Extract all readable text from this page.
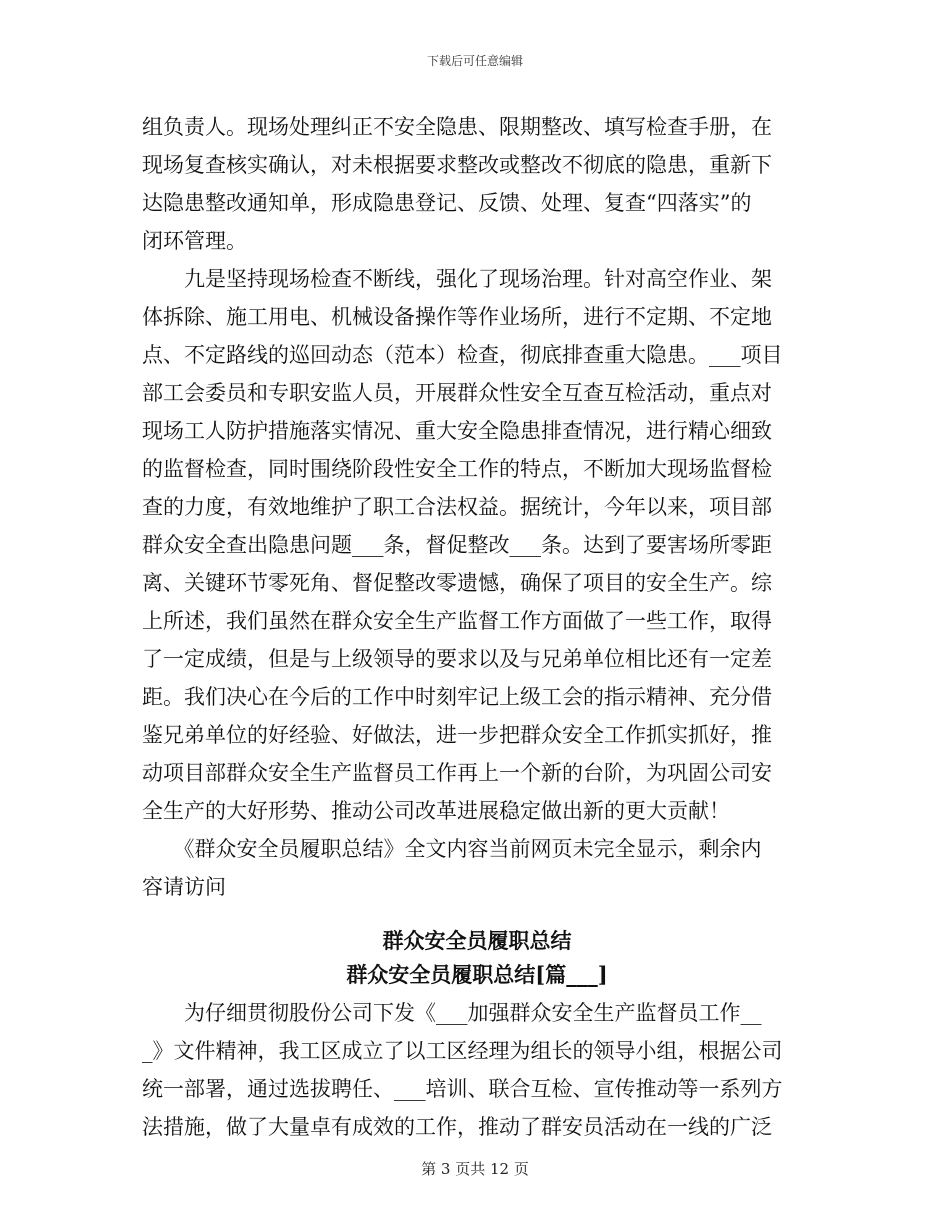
下载后可任意编辑

组负责人。现场处理纠正不安全隐患、限期整改、填写检查手册，在
现场复查核实确认，对未根据要求整改或整改不彻底的隐患，重新下
达隐患整改通知单，形成隐患登记、反馈、处理、复查“四落实”的
闭环管理。

　　九是坚持现场检查不断线，强化了现场治理。针对高空作业、架
体拆除、施工用电、机械设备操作等作业场所，进行不定期、不定地
点、不定路线的巡回动态（范本）检查，彻底排查重大隐患。___项目
部工会委员和专职安监人员，开展群众性安全互查互检活动，重点对
现场工人防护措施落实情况、重大安全隐患排查情况，进行精心细致
的监督检查，同时围绕阶段性安全工作的特点，不断加大现场监督检
查的力度，有效地维护了职工合法权益。据统计，今年以来，项目部
群众安全查出隐患问题___条，督促整改___条。达到了要害场所零距
离、关键环节零死角、督促整改零遗憾，确保了项目的安全生产。综
上所述，我们虽然在群众安全生产监督工作方面做了一些工作，取得
了一定成绩，但是与上级领导的要求以及与兄弟单位相比还有一定差
距。我们决心在今后的工作中时刻牢记上级工会的指示精神、充分借
鉴兄弟单位的好经验、好做法，进一步把群众安全工作抓实抓好，推
动项目部群众安全生产监督员工作再上一个新的台阶，为巩固公司安
全生产的大好形势、推动公司改革进展稳定做出新的更大贡献！

　　《群众安全员履职总结》全文内容当前网页未完全显示，剩余内
容请访问

群众安全员履职总结
群众安全员履职总结[篇___]

　　为仔细贯彻股份公司下发《___加强群众安全生产监督员工作__
_》文件精神，我工区成立了以工区经理为组长的领导小组，根据公司
统一部署，通过选拔聘任、___培训、联合互检、宣传推动等一系列方
法措施，做了大量卓有成效的工作，推动了群安员活动在一线的广泛

第 3 页共 12 页
